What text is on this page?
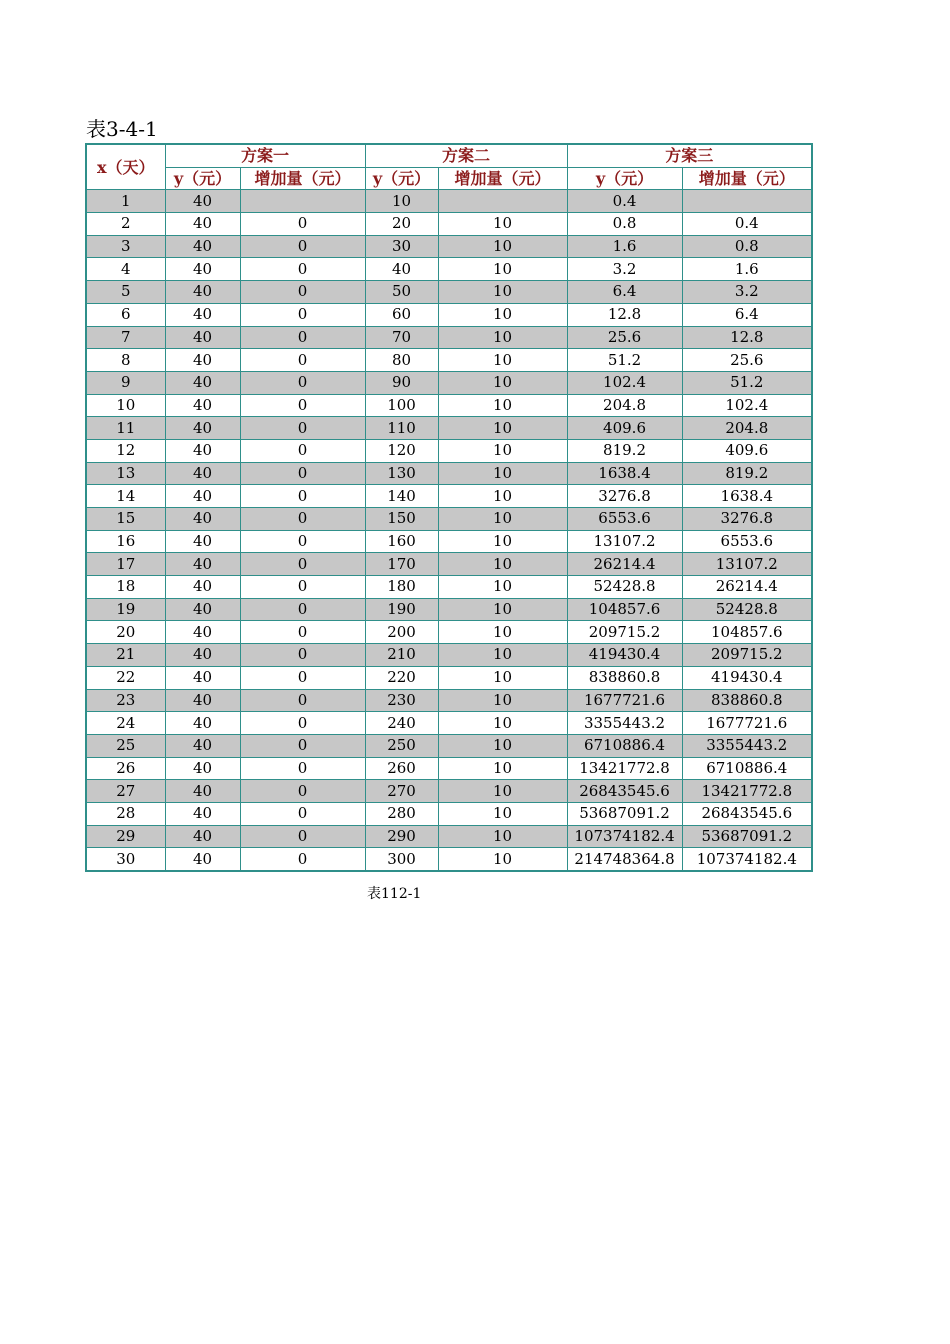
表3-4-1
x（天）	方案一		方案二		方案三	
	y（元）	增加量（元）	y（元）	增加量（元）	y（元）	增加量（元）
1	40		10		0.4	
2	40	0	20	10	0.8	0.4
3	40	0	30	10	1.6	0.8
4	40	0	40	10	3.2	1.6
5	40	0	50	10	6.4	3.2
6	40	0	60	10	12.8	6.4
7	40	0	70	10	25.6	12.8
8	40	0	80	10	51.2	25.6
9	40	0	90	10	102.4	51.2
10	40	0	100	10	204.8	102.4
11	40	0	110	10	409.6	204.8
12	40	0	120	10	819.2	409.6
13	40	0	130	10	1638.4	819.2
14	40	0	140	10	3276.8	1638.4
15	40	0	150	10	6553.6	3276.8
16	40	0	160	10	13107.2	6553.6
17	40	0	170	10	26214.4	13107.2
18	40	0	180	10	52428.8	26214.4
19	40	0	190	10	104857.6	52428.8
20	40	0	200	10	209715.2	104857.6
21	40	0	210	10	419430.4	209715.2
22	40	0	220	10	838860.8	419430.4
23	40	0	230	10	1677721.6	838860.8
24	40	0	240	10	3355443.2	1677721.6
25	40	0	250	10	6710886.4	3355443.2
26	40	0	260	10	13421772.8	6710886.4
27	40	0	270	10	26843545.6	13421772.8
28	40	0	280	10	53687091.2	26843545.6
29	40	0	290	10	107374182.4	53687091.2
30	40	0	300	10	214748364.8	107374182.4
表112-1
